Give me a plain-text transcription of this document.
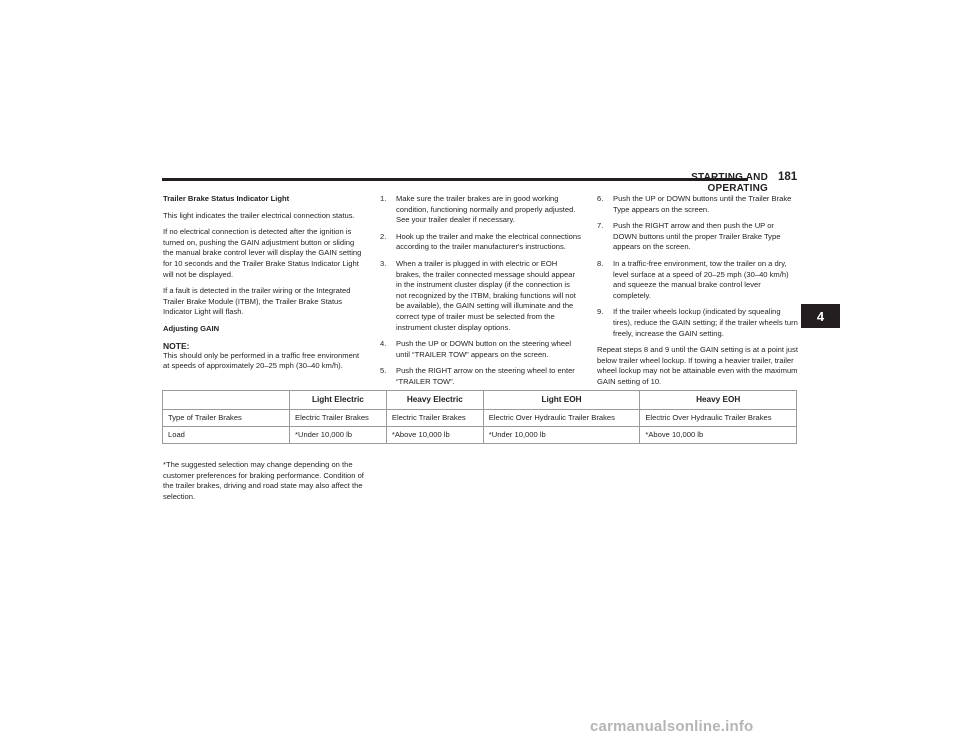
STARTING AND OPERATING
181
4

Trailer Brake Status Indicator Light

This light indicates the trailer electrical connection status.

If no electrical connection is detected after the ignition is turned on, pushing the GAIN adjustment button or sliding the manual brake control lever will display the GAIN setting for 10 seconds and the Trailer Brake Status Indicator Light will not be displayed.

If a fault is detected in the trailer wiring or the Integrated Trailer Brake Module (ITBM), the Trailer Brake Status Indicator Light will flash.

Adjusting GAIN

NOTE:

This should only be performed in a traffic free environment at speeds of approximately 20–25 mph (30–40 km/h).

1.	Make sure the trailer brakes are in good working condition, functioning normally and properly adjusted. See your trailer dealer if necessary.
2.	Hook up the trailer and make the electrical connections according to the trailer manufacturer's instructions.
3.	When a trailer is plugged in with electric or EOH brakes, the trailer connected message should appear in the instrument cluster display (if the connection is not recognized by the ITBM, braking functions will not be available), the GAIN setting will illuminate and the correct type of trailer must be selected from the instrument cluster display options.
4.	Push the UP or DOWN button on the steering wheel until “TRAILER TOW” appears on the screen.
5.	Push the RIGHT arrow on the steering wheel to enter “TRAILER TOW”.
6.	Push the UP or DOWN buttons until the Trailer Brake Type appears on the screen.
7.	Push the RIGHT arrow and then push the UP or DOWN buttons until the proper Trailer Brake Type appears on the screen.
8.	In a traffic-free environment, tow the trailer on a dry, level surface at a speed of 20–25 mph (30–40 km/h) and squeeze the manual brake control lever completely.
9.	If the trailer wheels lockup (indicated by squealing tires), reduce the GAIN setting; if the trailer wheels turn freely, increase the GAIN setting.

Repeat steps 8 and 9 until the GAIN setting is at a point just below trailer wheel lockup. If towing a heavier trailer, trailer wheel lockup may not be attainable even with the maximum GAIN setting of 10.

	Light Electric	Heavy Electric	Light EOH	Heavy EOH
Type of Trailer Brakes	Electric Trailer Brakes	Electric Trailer Brakes	Electric Over Hydraulic Trailer Brakes	Electric Over Hydraulic Trailer Brakes
Load	*Under 10,000 lb	*Above 10,000 lb	*Under 10,000 lb	*Above 10,000 lb
*The suggested selection may change depending on the customer preferences for braking performance. Condition of the trailer brakes, driving and road state may also affect the selection.
carmanualsonline.info
